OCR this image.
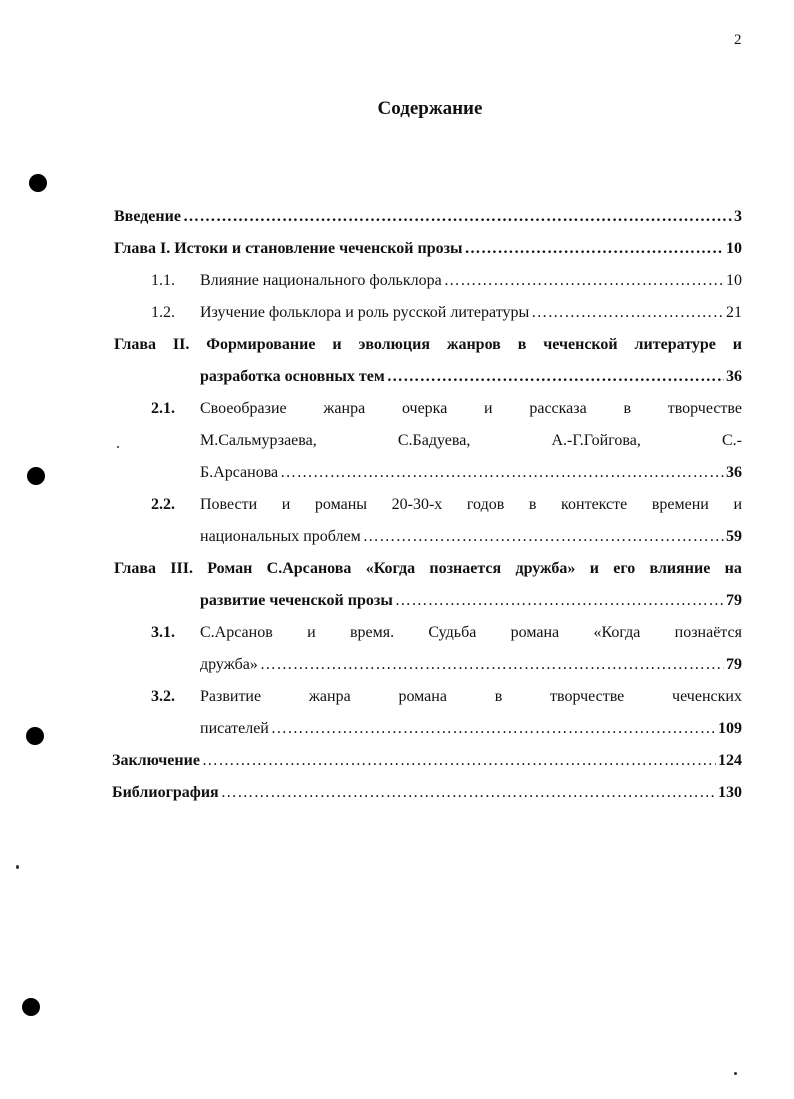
2
Содержание
Введение ……………………………………………………………………………………………………………………………………………………………………	3
Глава I. Истоки и становление чеченской прозы ……………………………………………………………………………………………………………………………………………………………………	10
1.1. Влияние национального фольклора ……………………………………………………………………………………………………………………………………………………………………	10
1.2. Изучение фольклора и роль русской литературы ……………………………………………………………………………………………………………………………………………………………………	21
Глава II. Формирование и эволюция жанров в чеченской литературе и
разработка основных тем ……………………………………………………………………………………………………………………………………………………………………	36
2.1. Своеобразие жанра очерка и рассказа в творчестве
М.Сальмурзаева,	С.Бадуева,	А.-Г.Гойгова,	С.-
Б.Арсанова ……………………………………………………………………………………………………………………………………………………………………	36
2.2. Повести и романы 20-30-х годов в контексте времени и
национальных проблем ……………………………………………………………………………………………………………………………………………………………………	59
Глава III. Роман С.Арсанова «Когда познается дружба» и его влияние на
развитие чеченской прозы ……………………………………………………………………………………………………………………………………………………………………	79
3.1. С.Арсанов и время. Судьба романа «Когда познаётся
дружба» ……………………………………………………………………………………………………………………………………………………………………	79
3.2. Развитие	жанра	романа	в	творчестве	чеченских
писателей ……………………………………………………………………………………………………………………………………………………………………	109
Заключение ……………………………………………………………………………………………………………………………………………………………………	124
Библиография ……………………………………………………………………………………………………………………………………………………………………	130
